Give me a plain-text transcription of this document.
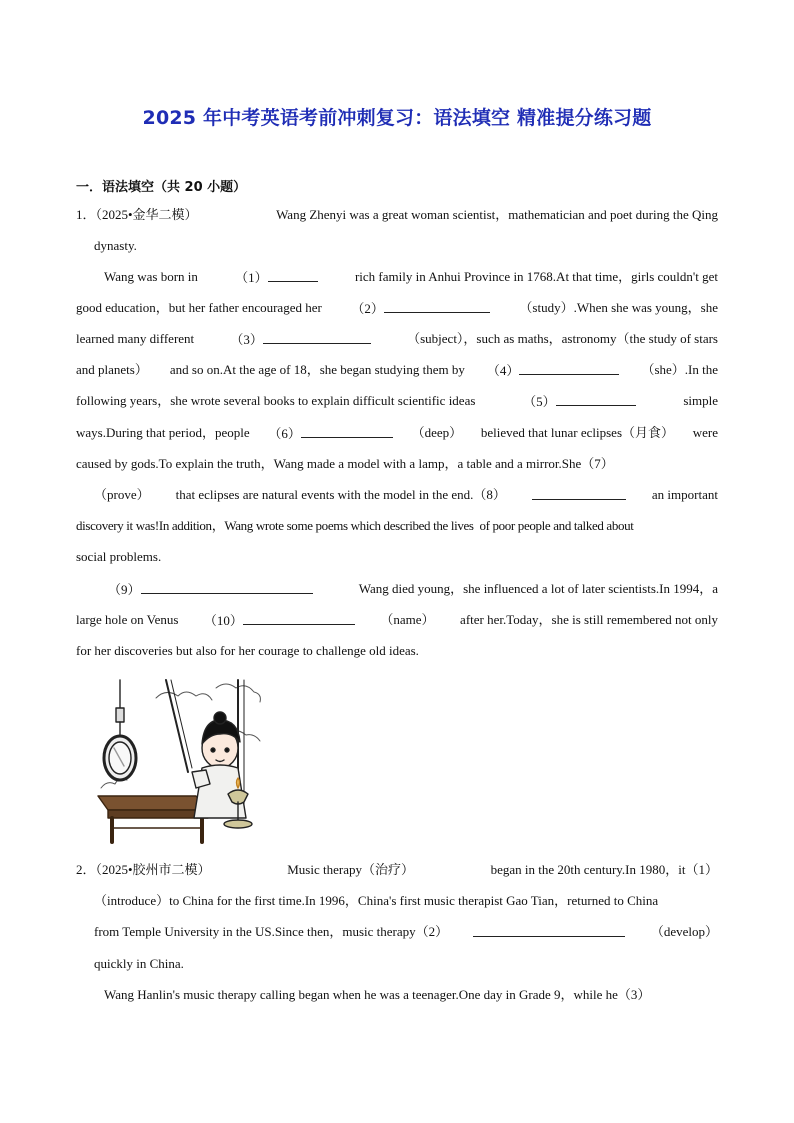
2025 年中考英语考前冲刺复习：语法填空 精准提分练习题
一．语法填空（共 20 小题）
1．（2025•金华二模）	Wang Zhenyi was a great woman scientist，mathematician and poet during the Qing
dynasty.
Wang was born in	（1）	rich family in Anhui Province in 1768.At that time，girls couldn't get
good education，but her father encouraged her （2）	（study）.When she was young，she
learned many different	（3）	（subject），such as maths，astronomy（the study of stars
and planets） and so on.At the age of 18，she began studying them by （4）	（she）.In the
following years，she wrote several books to explain difficult scientific ideas	（5）	simple
ways.During that period，people （6）	（deep） believed that lunar eclipses（月食） were
caused by gods.To explain the truth，Wang made a model with a lamp，a table and a mirror.She（7）
（prove） that eclipses are natural events with the model in the end.（8）	an important
discovery it was!In addition，Wang wrote some poems which described the lives  of poor people and talked about
social problems.
（9）	Wang died young，she influenced a lot of later scientists.In 1994，a
large hole on Venus （10）	（name） after her.Today，she is still remembered not only
for her discoveries but also for her courage to challenge old ideas.
2．（2025•胶州市二模）	Music therapy（治疗）	began in the 20th century.In 1980，it（1）
（introduce）to China for the first time.In 1996，China's first music therapist Gao Tian，returned to China
from Temple University in the US.Since then，music therapy（2）	（develop）
quickly in China.
Wang Hanlin's music therapy calling began when he was a teenager.One day in Grade 9，while he（3）
